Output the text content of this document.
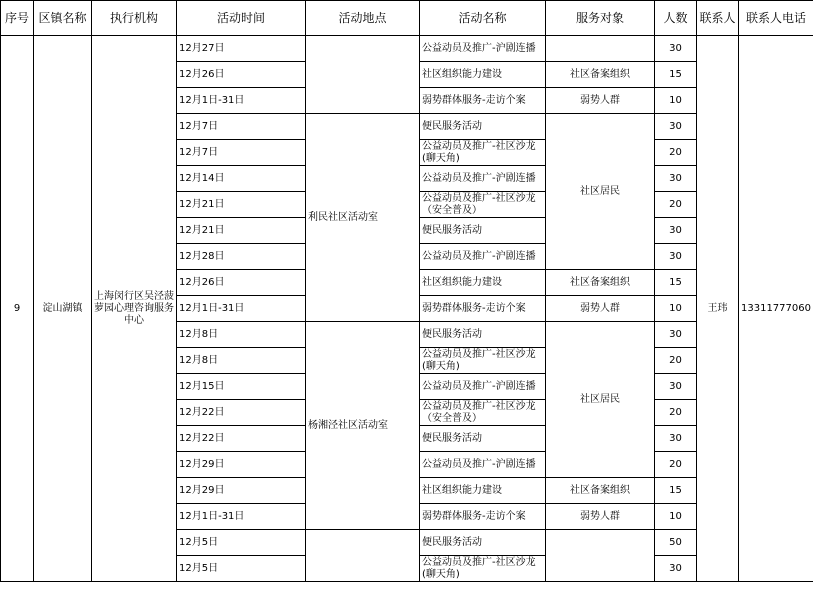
序号	区镇名称	执行机构	活动时间	活动地点	活动名称	服务对象	人数	联系人	联系人电话
9	淀山湖镇	上海闵行区吴泾菠萝园心理咨询服务中心	12月27日		公益动员及推广-沪剧连播		30	王玮	13311777060
			12月26日		社区组织能力建设	社区备案组织	15		
			12月1日-31日		弱势群体服务-走访个案	弱势人群	10		
			12月7日	利民社区活动室	便民服务活动	社区居民	30		
			12月7日		公益动员及推广-社区沙龙(聊天角)		20		
			12月14日		公益动员及推广-沪剧连播		30		
			12月21日		公益动员及推广-社区沙龙（安全普及）		20		
			12月21日		便民服务活动		30		
			12月28日		公益动员及推广-沪剧连播		30		
			12月26日		社区组织能力建设	社区备案组织	15		
			12月1日-31日		弱势群体服务-走访个案	弱势人群	10		
			12月8日	杨湘泾社区活动室	便民服务活动	社区居民	30		
			12月8日		公益动员及推广-社区沙龙(聊天角)		20		
			12月15日		公益动员及推广-沪剧连播		30		
			12月22日		公益动员及推广-社区沙龙（安全普及）		20		
			12月22日		便民服务活动		30		
			12月29日		公益动员及推广-沪剧连播		20		
			12月29日		社区组织能力建设	社区备案组织	15		
			12月1日-31日		弱势群体服务-走访个案	弱势人群	10		
			12月5日		便民服务活动		50		
			12月5日		公益动员及推广-社区沙龙(聊天角)		30		
